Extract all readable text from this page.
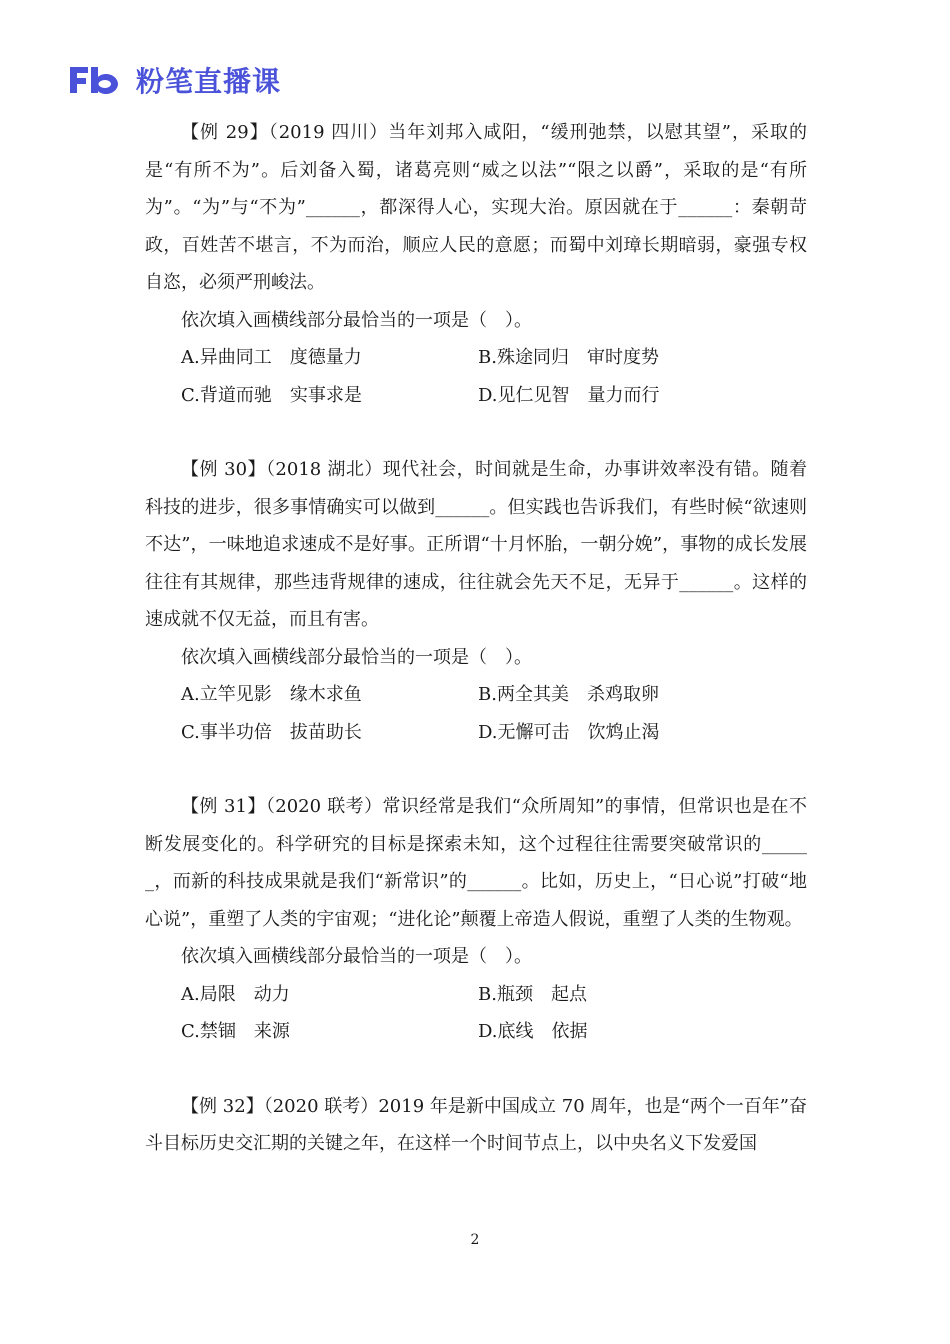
粉笔直播课

【例 29】（2019 四川）当年刘邦入咸阳，“缓刑弛禁，以慰其望”，采取的是“有所不为”。后刘备入蜀，诸葛亮则“威之以法”“限之以爵”，采取的是“有所为”。“为”与“不为”______，都深得人心，实现大治。原因就在于______：秦朝苛政，百姓苦不堪言，不为而治，顺应人民的意愿；而蜀中刘璋长期暗弱，豪强专权自恣，必须严刑峻法。

依次填入画横线部分最恰当的一项是（　）。
A.异曲同工　度德量力	B.殊途同归　审时度势
C.背道而驰　实事求是	D.见仁见智　量力而行

【例 30】（2018 湖北）现代社会，时间就是生命，办事讲效率没有错。随着科技的进步，很多事情确实可以做到______。但实践也告诉我们，有些时候“欲速则不达”，一味地追求速成不是好事。正所谓“十月怀胎，一朝分娩”，事物的成长发展往往有其规律，那些违背规律的速成，往往就会先天不足，无异于______。这样的速成就不仅无益，而且有害。

依次填入画横线部分最恰当的一项是（　）。
A.立竿见影　缘木求鱼	B.两全其美　杀鸡取卵
C.事半功倍　拔苗助长	D.无懈可击　饮鸩止渴

【例 31】（2020 联考）常识经常是我们“众所周知”的事情，但常识也是在不断发展变化的。科学研究的目标是探索未知，这个过程往往需要突破常识的______，而新的科技成果就是我们“新常识”的______。比如，历史上，“日心说”打破“地心说”，重塑了人类的宇宙观；“进化论”颠覆上帝造人假说，重塑了人类的生物观。

依次填入画横线部分最恰当的一项是（　）。
A.局限　动力	B.瓶颈　起点
C.禁锢　来源	D.底线　依据

【例 32】（2020 联考）2019 年是新中国成立 70 周年，也是“两个一百年”奋斗目标历史交汇期的关键之年，在这样一个时间节点上，以中央名义下发爱国

2
